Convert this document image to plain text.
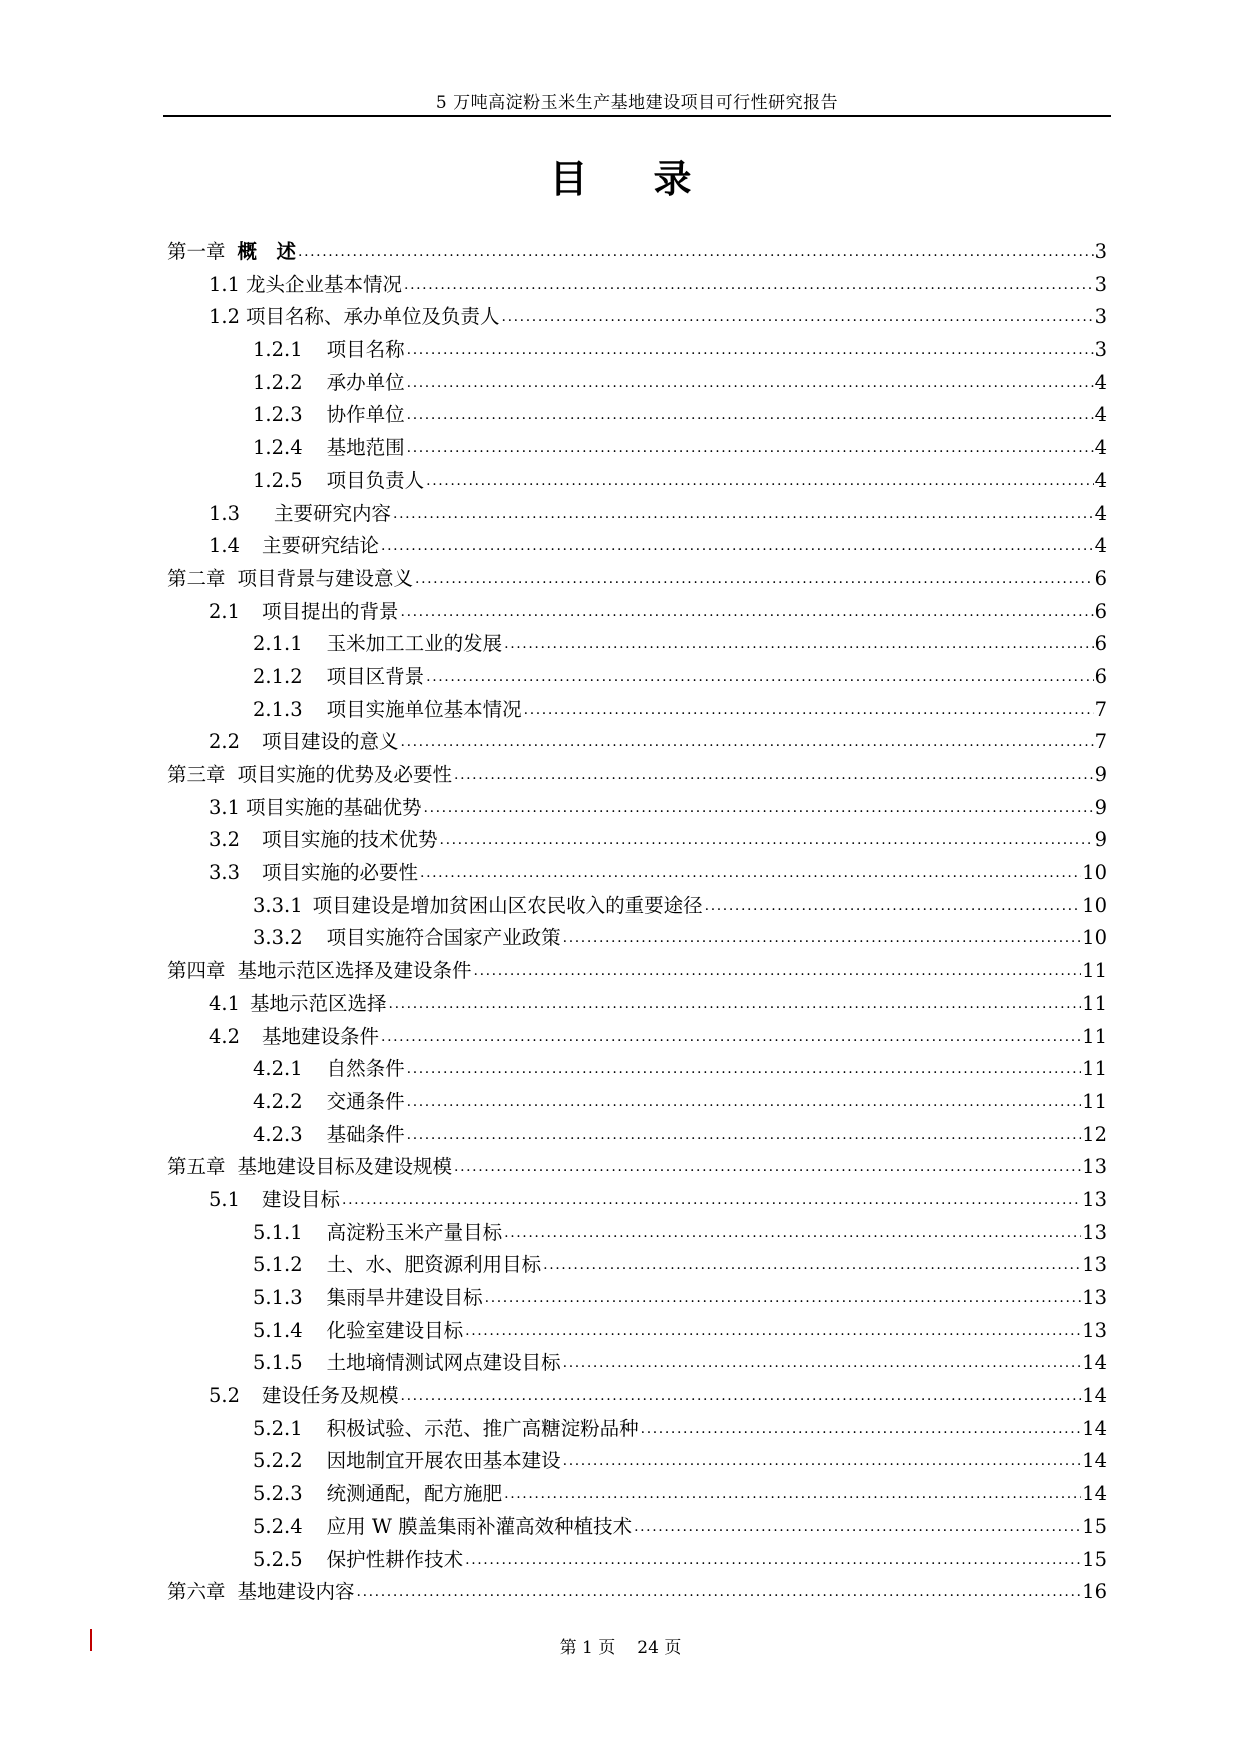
5 万吨高淀粉玉米生产基地建设项目可行性研究报告
目录
第一章 概　述 .....	3
1.1 龙头企业基本情况 .....	3
1.2 项目名称、承办单位及负责人 .....	3
1.2.1 项目名称 .....	3
1.2.2 承办单位 .....	4
1.2.3 协作单位 .....	4
1.2.4 基地范围 .....	4
1.2.5 项目负责人 .....	4
1.3 主要研究内容 .....	4
1.4 主要研究结论 .....	4
第二章 项目背景与建设意义 .....	6
2.1 项目提出的背景 .....	6
2.1.1 玉米加工工业的发展 .....	6
2.1.2 项目区背景 .....	6
2.1.3 项目实施单位基本情况 .....	7
2.2 项目建设的意义 .....	7
第三章 项目实施的优势及必要性 .....	9
3.1 项目实施的基础优势 .....	9
3.2 项目实施的技术优势 .....	9
3.3 项目实施的必要性 .....	10
3.3.1 项目建设是增加贫困山区农民收入的重要途径 .....	10
3.3.2 项目实施符合国家产业政策 .....	10
第四章 基地示范区选择及建设条件 .....	11
4.1 基地示范区选择 .....	11
4.2 基地建设条件 .....	11
4.2.1 自然条件 .....	11
4.2.2 交通条件 .....	11
4.2.3 基础条件 .....	12
第五章 基地建设目标及建设规模 .....	13
5.1 建设目标 .....	13
5.1.1 高淀粉玉米产量目标 .....	13
5.1.2 土、水、肥资源利用目标 .....	13
5.1.3 集雨旱井建设目标 .....	13
5.1.4 化验室建设目标 .....	13
5.1.5 土地墒情测试网点建设目标 .....	14
5.2 建设任务及规模 .....	14
5.2.1 积极试验、示范、推广高糖淀粉品种 .....	14
5.2.2 因地制宜开展农田基本建设 .....	14
5.2.3 统测通配，配方施肥 .....	14
5.2.4 应用 W 膜盖集雨补灌高效种植技术 .....	15
5.2.5 保护性耕作技术 .....	15
第六章 基地建设内容 .....	16
第 1 页 24 页
